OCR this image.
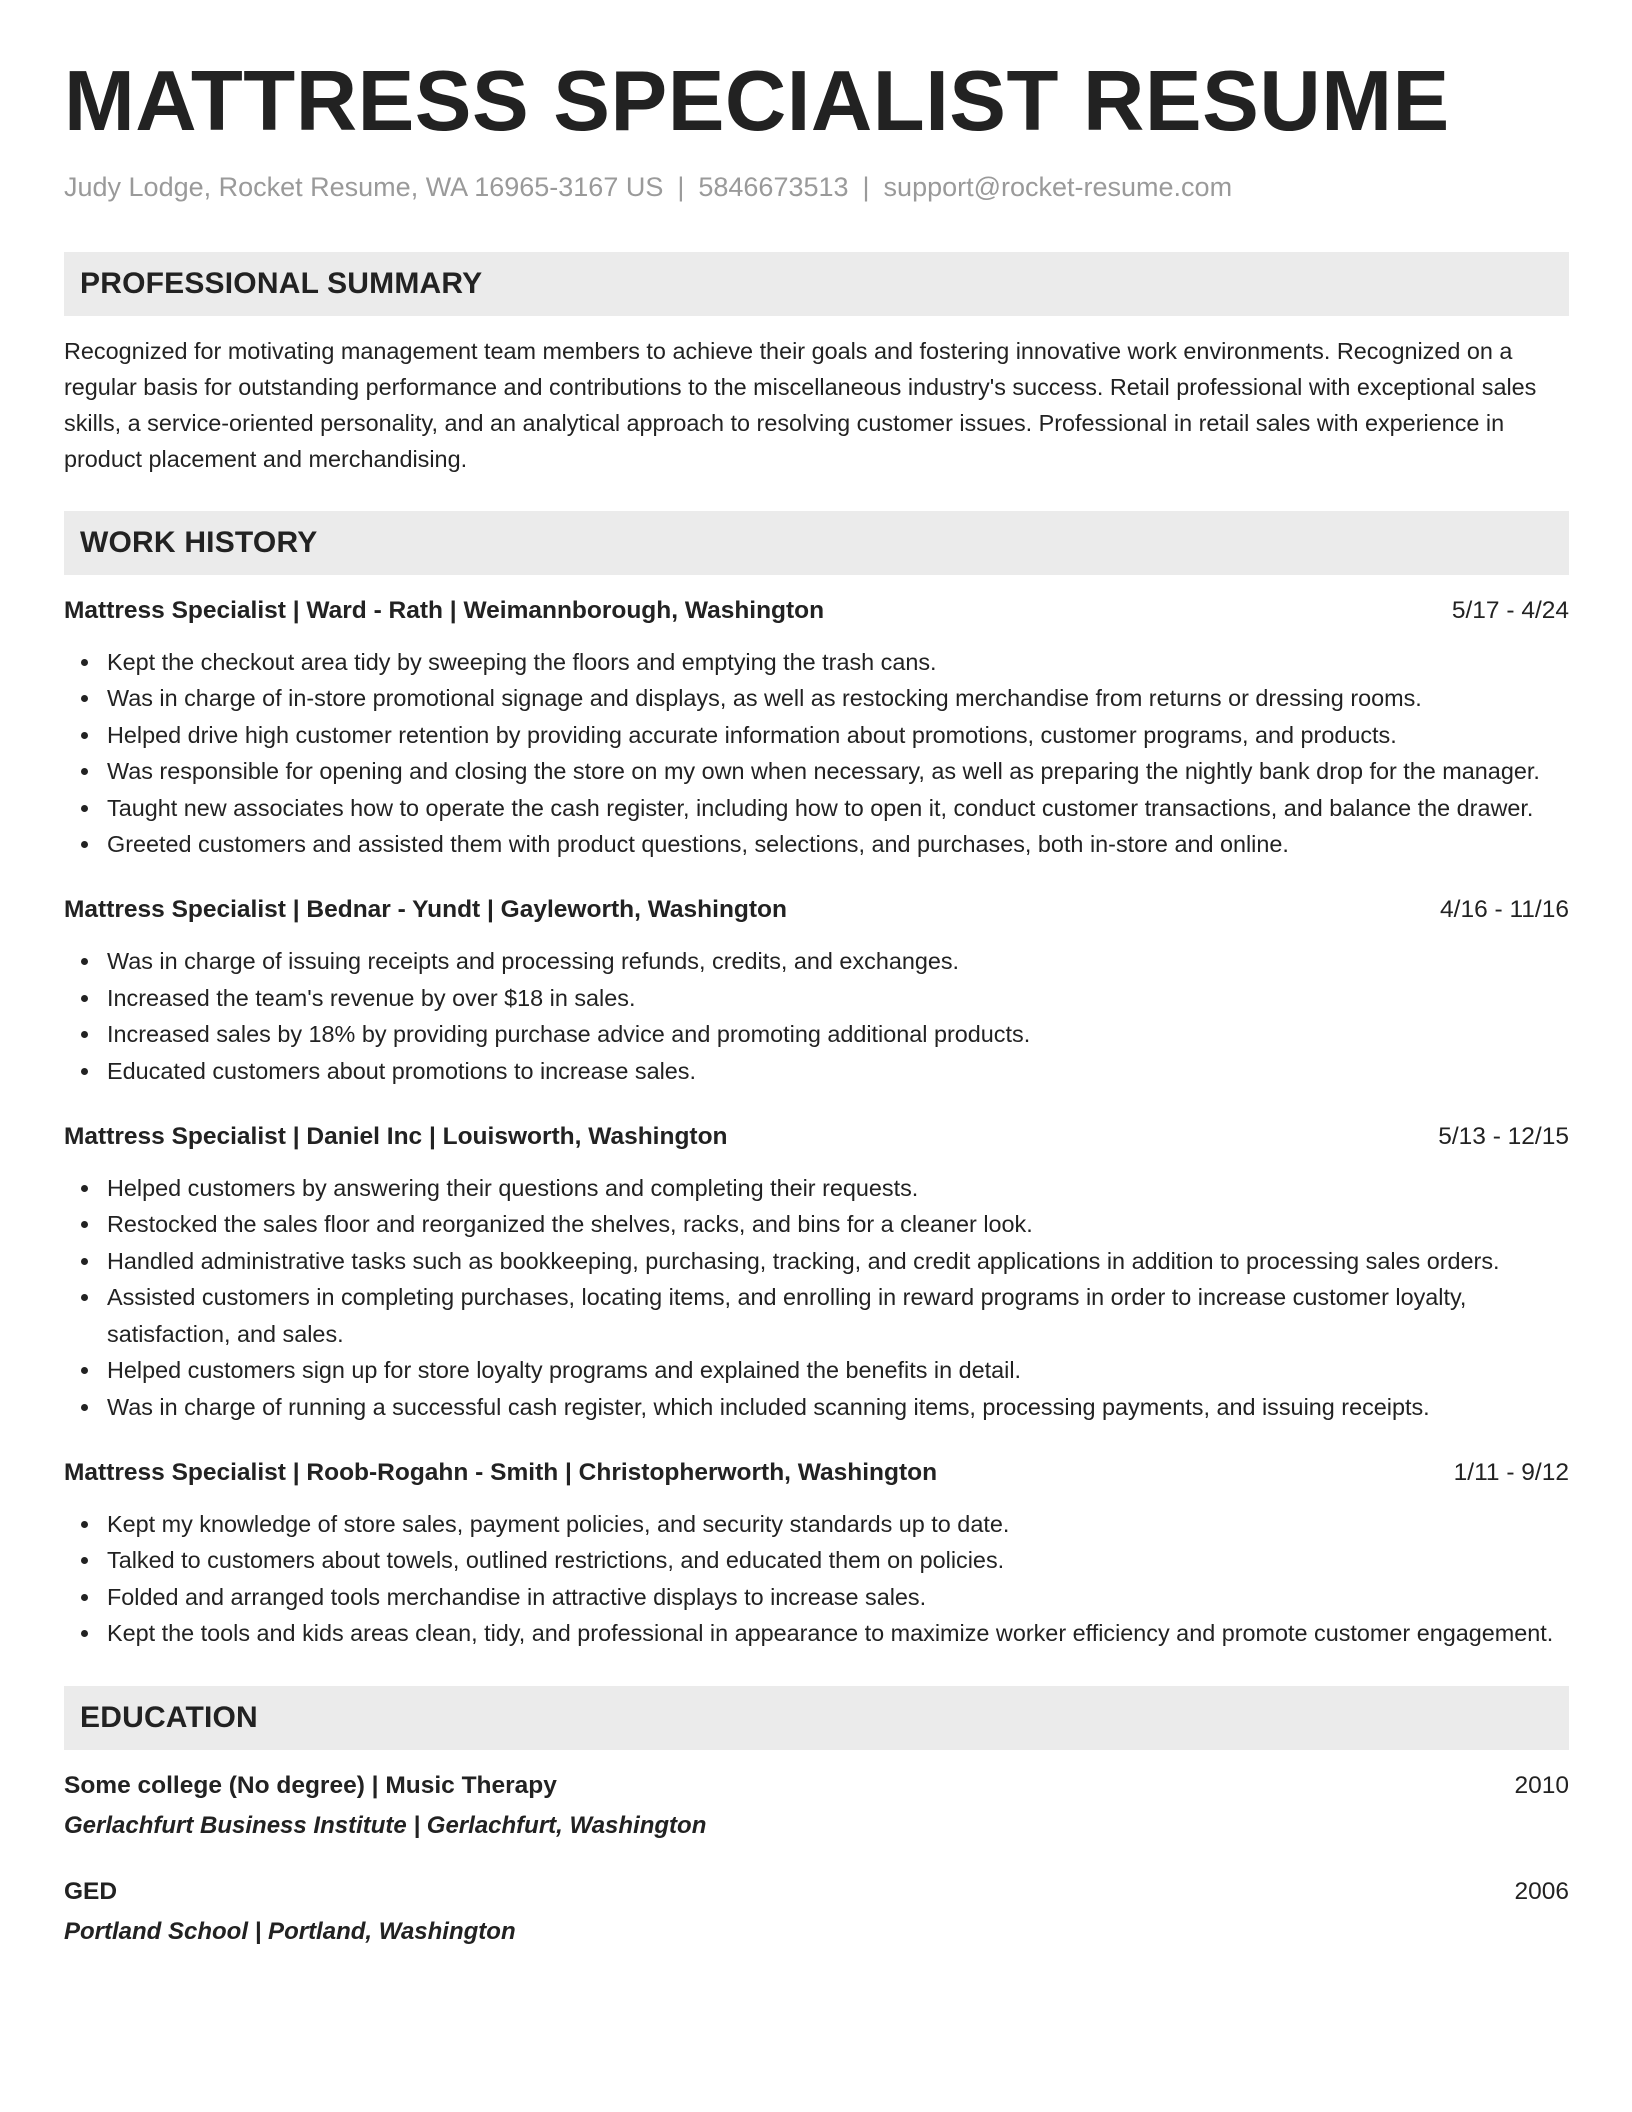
MATTRESS SPECIALIST RESUME
Judy Lodge, Rocket Resume, WA 16965-3167 US | 5846673513 | support@rocket-resume.com
PROFESSIONAL SUMMARY
Recognized for motivating management team members to achieve their goals and fostering innovative work environments. Recognized on a regular basis for outstanding performance and contributions to the miscellaneous industry's success. Retail professional with exceptional sales skills, a service-oriented personality, and an analytical approach to resolving customer issues. Professional in retail sales with experience in product placement and merchandising.
WORK HISTORY
Mattress Specialist | Ward - Rath | Weimannborough, Washington	5/17 - 4/24
Kept the checkout area tidy by sweeping the floors and emptying the trash cans.
Was in charge of in-store promotional signage and displays, as well as restocking merchandise from returns or dressing rooms.
Helped drive high customer retention by providing accurate information about promotions, customer programs, and products.
Was responsible for opening and closing the store on my own when necessary, as well as preparing the nightly bank drop for the manager.
Taught new associates how to operate the cash register, including how to open it, conduct customer transactions, and balance the drawer.
Greeted customers and assisted them with product questions, selections, and purchases, both in-store and online.
Mattress Specialist | Bednar - Yundt | Gayleworth, Washington	4/16 - 11/16
Was in charge of issuing receipts and processing refunds, credits, and exchanges.
Increased the team's revenue by over $18 in sales.
Increased sales by 18% by providing purchase advice and promoting additional products.
Educated customers about promotions to increase sales.
Mattress Specialist | Daniel Inc | Louisworth, Washington	5/13 - 12/15
Helped customers by answering their questions and completing their requests.
Restocked the sales floor and reorganized the shelves, racks, and bins for a cleaner look.
Handled administrative tasks such as bookkeeping, purchasing, tracking, and credit applications in addition to processing sales orders.
Assisted customers in completing purchases, locating items, and enrolling in reward programs in order to increase customer loyalty, satisfaction, and sales.
Helped customers sign up for store loyalty programs and explained the benefits in detail.
Was in charge of running a successful cash register, which included scanning items, processing payments, and issuing receipts.
Mattress Specialist | Roob-Rogahn - Smith | Christopherworth, Washington	1/11 - 9/12
Kept my knowledge of store sales, payment policies, and security standards up to date.
Talked to customers about towels, outlined restrictions, and educated them on policies.
Folded and arranged tools merchandise in attractive displays to increase sales.
Kept the tools and kids areas clean, tidy, and professional in appearance to maximize worker efficiency and promote customer engagement.
EDUCATION
Some college (No degree) | Music Therapy	2010
Gerlachfurt Business Institute | Gerlachfurt, Washington
GED	2006
Portland School | Portland, Washington
